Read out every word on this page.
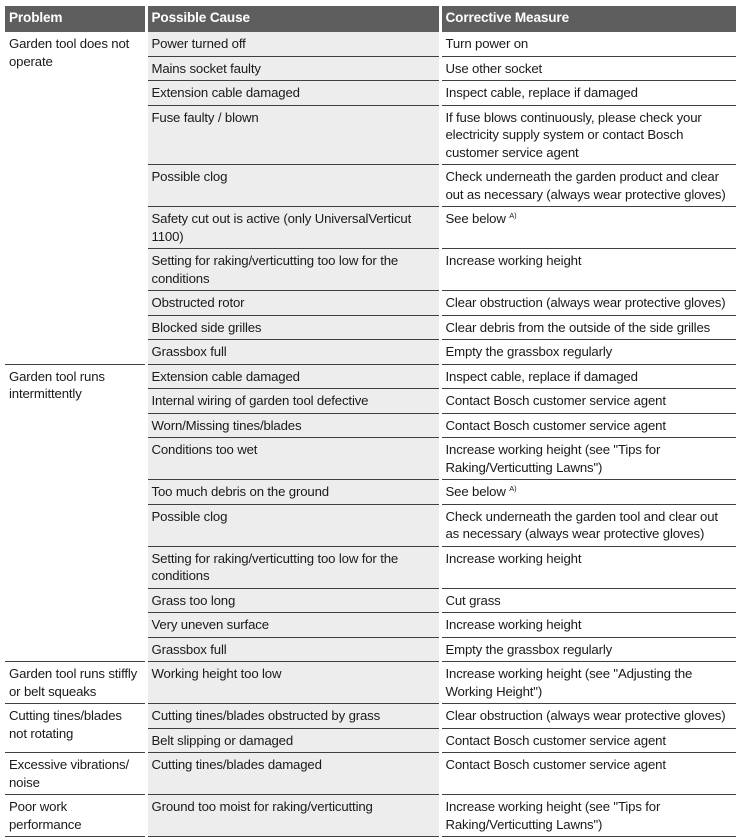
Problem	Possible Cause	Corrective Measure
Garden tool does not operate	Power turned off	Turn power on
	Mains socket faulty	Use other socket
	Extension cable damaged	Inspect cable, replace if damaged
	Fuse faulty / blown	If fuse blows continuously, please check your electricity supply system or contact Bosch customer service agent
	Possible clog	Check underneath the garden product and clear out as necessary (always wear protective gloves)
	Safety cut out is active (only UniversalVerticut 1100)	See below $^{A)}$
	Setting for raking/verticutting too low for the conditions	Increase working height
	Obstructed rotor	Clear obstruction (always wear protective gloves)
	Blocked side grilles	Clear debris from the outside of the side grilles
	Grassbox full	Empty the grassbox regularly
Garden tool runs intermittently	Extension cable damaged	Inspect cable, replace if damaged
	Internal wiring of garden tool defective	Contact Bosch customer service agent
	Worn/Missing tines/blades	Contact Bosch customer service agent
	Conditions too wet	Increase working height (see "Tips for Raking/Verticutting Lawns")
	Too much debris on the ground	See below $^{A)}$
	Possible clog	Check underneath the garden tool and clear out as necessary (always wear protective gloves)
	Setting for raking/verticutting too low for the conditions	Increase working height
	Grass too long	Cut grass
	Very uneven surface	Increase working height
	Grassbox full	Empty the grassbox regularly
Garden tool runs stiffly or belt squeaks	Working height too low	Increase working height (see "Adjusting the Working Height")
Cutting tines/blades not rotating	Cutting tines/blades obstructed by grass	Clear obstruction (always wear protective gloves)
	Belt slipping or damaged	Contact Bosch customer service agent
Excessive vibrations/ noise	Cutting tines/blades damaged	Contact Bosch customer service agent
Poor work performance	Ground too moist for raking/verticutting	Increase working height (see "Tips for Raking/Verticutting Lawns")
